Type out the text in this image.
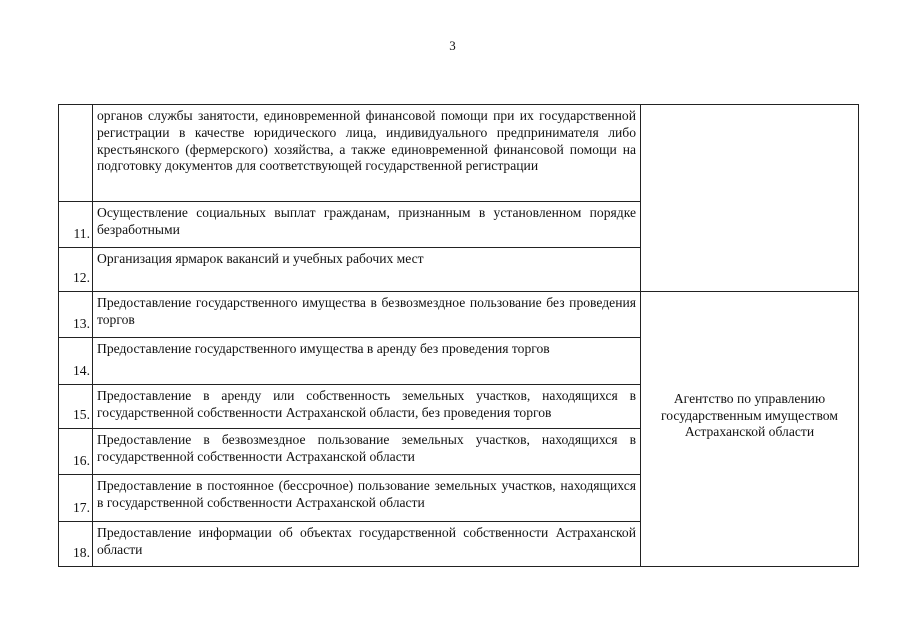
3
	органов службы занятости, единовременной финансовой помощи при их государственной регистрации в качестве юридического лица, индивидуального предпринимателя либо крестьянского (фермерского) хозяйства, а также единовременной финансовой помощи на подготовку документов для соответствующей государственной регистрации	
11.	Осуществление социальных выплат гражданам, признанным в установленном порядке безработными	
12.	Организация ярмарок вакансий и учебных рабочих мест	
13.	Предоставление государственного имущества в безвозмездное пользование без проведения торгов	Агентство по управлению государственным имуществом Астраханской области

14.	Предоставление государственного имущества в аренду без проведения торгов	
15.	Предоставление в аренду или собственность земельных участков, находящихся в государственной собственности Астраханской области, без проведения торгов	
16.	Предоставление в безвозмездное пользование земельных участков, находящихся в государственной собственности Астраханской области	
17.	Предоставление в постоянное (бессрочное) пользование земельных участков, находящихся в государственной собственности Астраханской области	
18.	Предоставление информации об объектах государственной собственности Астраханской области	
